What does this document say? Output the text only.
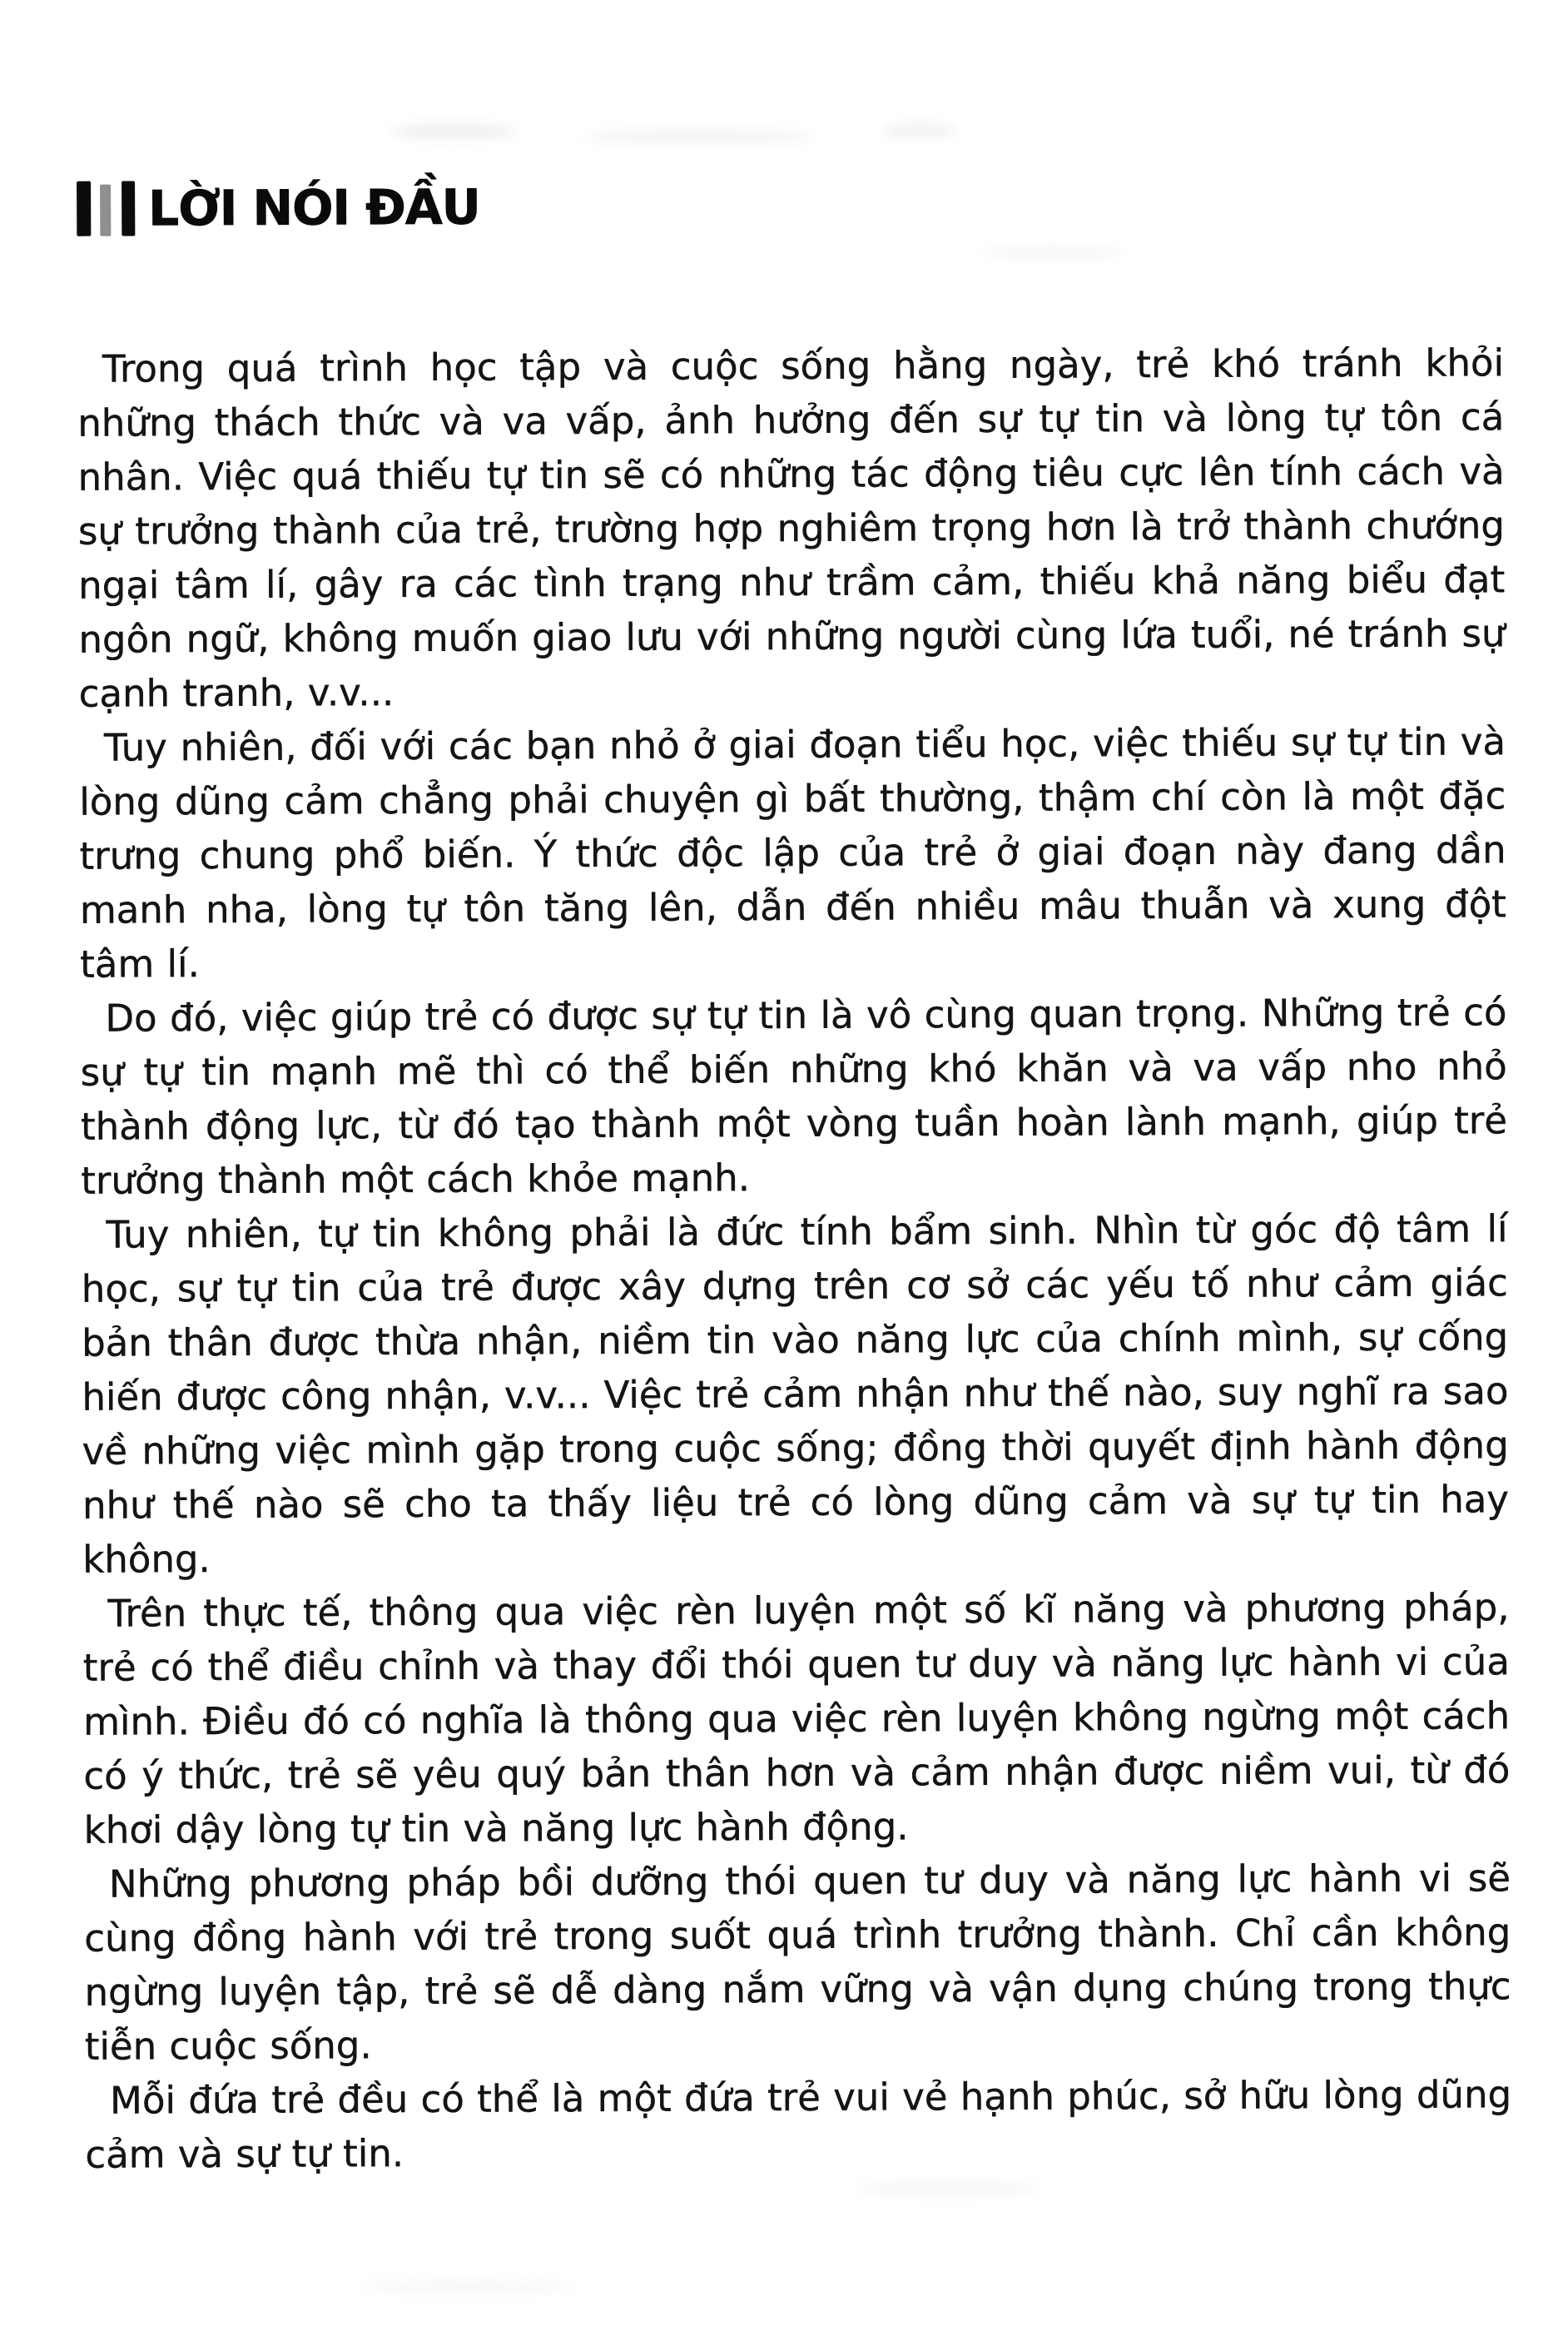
LỜI NÓI ĐẦU

Trong quá trình học tập và cuộc sống hằng ngày, trẻ khó tránh khỏi những thách thức và va vấp, ảnh hưởng đến sự tự tin và lòng tự tôn cá nhân. Việc quá thiếu tự tin sẽ có những tác động tiêu cực lên tính cách và sự trưởng thành của trẻ, trường hợp nghiêm trọng hơn là trở thành chướng ngại tâm lí, gây ra các tình trạng như trầm cảm, thiếu khả năng biểu đạt ngôn ngữ, không muốn giao lưu với những người cùng lứa tuổi, né tránh sự cạnh tranh, v.v...

Tuy nhiên, đối với các bạn nhỏ ở giai đoạn tiểu học, việc thiếu sự tự tin và lòng dũng cảm chẳng phải chuyện gì bất thường, thậm chí còn là một đặc trưng chung phổ biến. Ý thức độc lập của trẻ ở giai đoạn này đang dần manh nha, lòng tự tôn tăng lên, dẫn đến nhiều mâu thuẫn và xung đột tâm lí.

Do đó, việc giúp trẻ có được sự tự tin là vô cùng quan trọng. Những trẻ có sự tự tin mạnh mẽ thì có thể biến những khó khăn và va vấp nho nhỏ thành động lực, từ đó tạo thành một vòng tuần hoàn lành mạnh, giúp trẻ trưởng thành một cách khỏe mạnh.

Tuy nhiên, tự tin không phải là đức tính bẩm sinh. Nhìn từ góc độ tâm lí học, sự tự tin của trẻ được xây dựng trên cơ sở các yếu tố như cảm giác bản thân được thừa nhận, niềm tin vào năng lực của chính mình, sự cống hiến được công nhận, v.v... Việc trẻ cảm nhận như thế nào, suy nghĩ ra sao về những việc mình gặp trong cuộc sống; đồng thời quyết định hành động như thế nào sẽ cho ta thấy liệu trẻ có lòng dũng cảm và sự tự tin hay không.

Trên thực tế, thông qua việc rèn luyện một số kĩ năng và phương pháp, trẻ có thể điều chỉnh và thay đổi thói quen tư duy và năng lực hành vi của mình. Điều đó có nghĩa là thông qua việc rèn luyện không ngừng một cách có ý thức, trẻ sẽ yêu quý bản thân hơn và cảm nhận được niềm vui, từ đó khơi dậy lòng tự tin và năng lực hành động.

Những phương pháp bồi dưỡng thói quen tư duy và năng lực hành vi sẽ cùng đồng hành với trẻ trong suốt quá trình trưởng thành. Chỉ cần không ngừng luyện tập, trẻ sẽ dễ dàng nắm vững và vận dụng chúng trong thực tiễn cuộc sống.

Mỗi đứa trẻ đều có thể là một đứa trẻ vui vẻ hạnh phúc, sở hữu lòng dũng cảm và sự tự tin.
